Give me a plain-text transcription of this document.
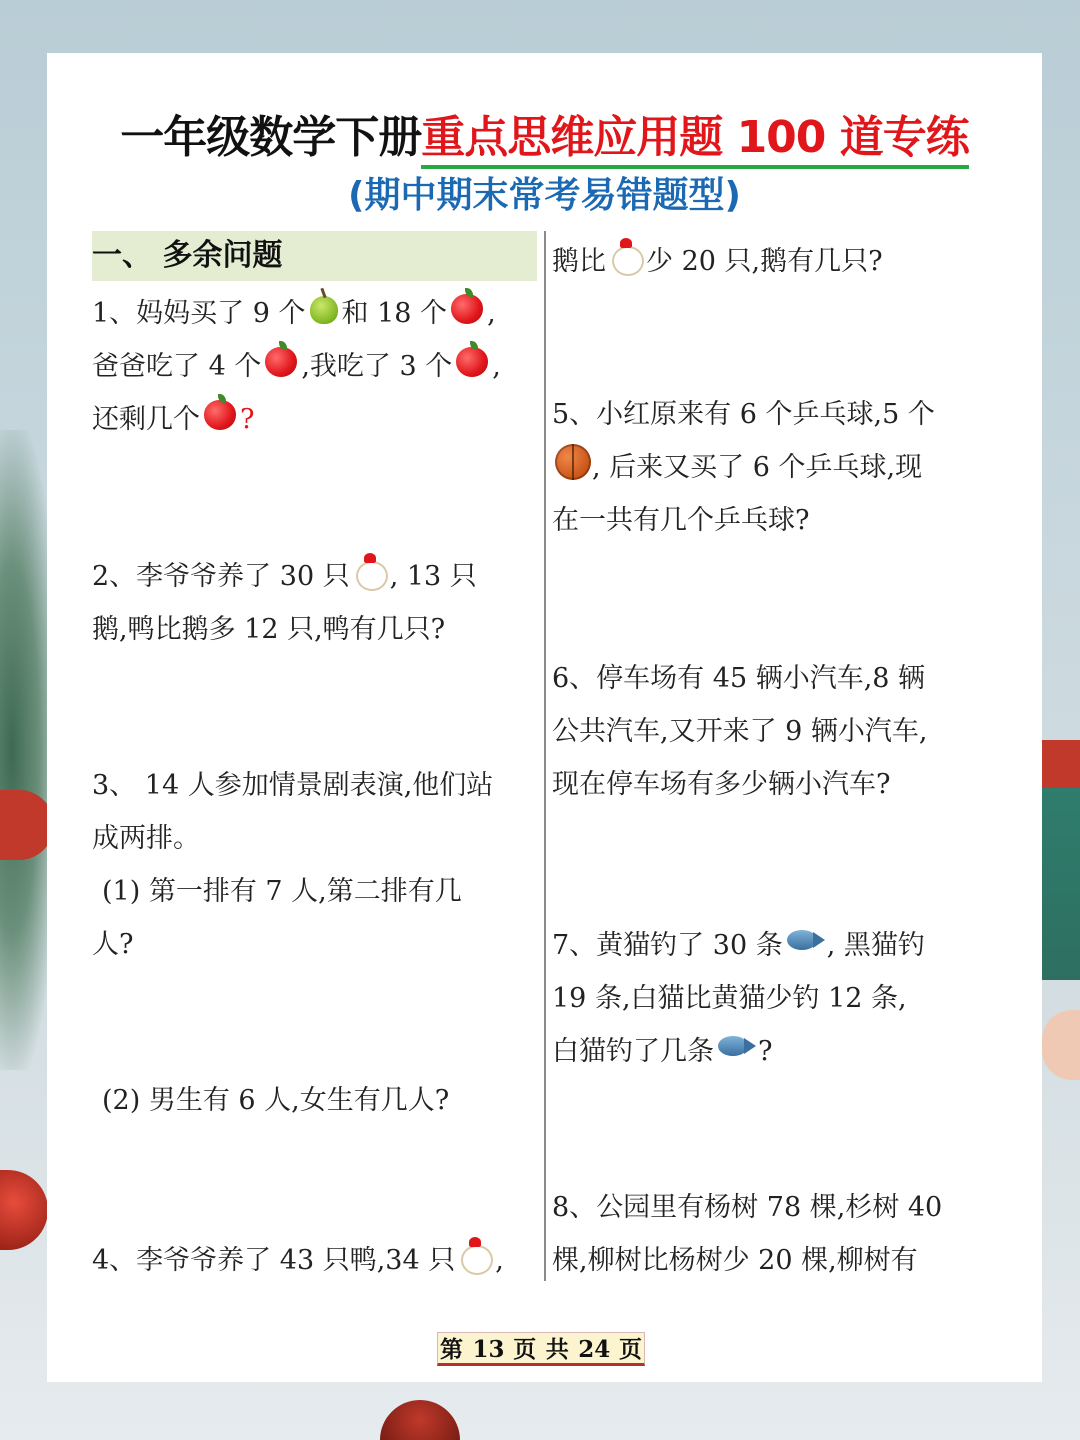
一年级数学下册重点思维应用题 100 道专练
(期中期末常考易错题型)
一、 多余问题
1、妈妈买了 9 个 和 18 个 ,
爸爸吃了 4 个 ,我吃了 3 个 ,
还剩几个 ?
2、李爷爷养了 30 只 , 13 只
鹅,鸭比鹅多 12 只,鸭有几只?
3、 14 人参加情景剧表演,他们站
成两排。
(1) 第一排有 7 人,第二排有几
人?
(2) 男生有 6 人,女生有几人?
4、李爷爷养了 43 只鸭,34 只 ,
鹅比 少 20 只,鹅有几只?
5、小红原来有 6 个乒乓球,5 个
, 后来又买了 6 个乒乓球,现
在一共有几个乒乓球?
6、停车场有 45 辆小汽车,8 辆
公共汽车,又开来了 9 辆小汽车,
现在停车场有多少辆小汽车?
7、黄猫钓了 30 条 , 黑猫钓
19 条,白猫比黄猫少钓 12 条,
白猫钓了几条 ?
8、公园里有杨树 78 棵,杉树 40
棵,柳树比杨树少 20 棵,柳树有
第 13 页 共 24 页
